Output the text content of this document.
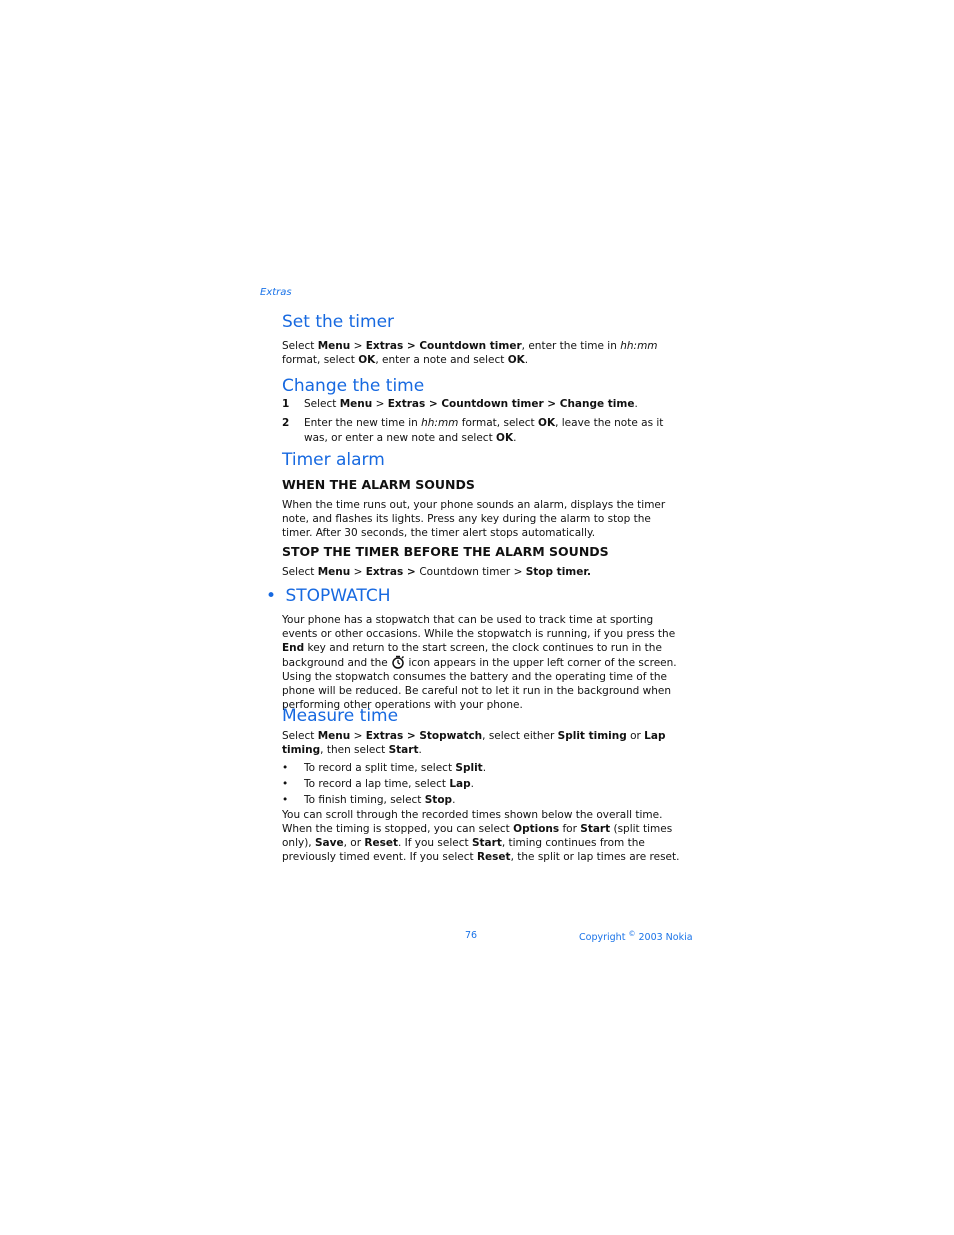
Extras
Set the timer

Select Menu > Extras > Countdown timer, enter the time in hh:mm format, select OK, enter a note and select OK.

Change the time
1 Select Menu > Extras > Countdown timer > Change time.
2 Enter the new time in hh:mm format, select OK, leave the note as it was, or enter a new note and select OK.
Timer alarm
WHEN THE ALARM SOUNDS

When the time runs out, your phone sounds an alarm, displays the timer note, and flashes its lights. Press any key during the alarm to stop the timer. After 30 seconds, the timer alert stops automatically.

STOP THE TIMER BEFORE THE ALARM SOUNDS

Select Menu > Extras > Countdown timer > Stop timer.

• STOPWATCH

Your phone has a stopwatch that can be used to track time at sporting events or other occasions. While the stopwatch is running, if you press the End key and return to the start screen, the clock continues to run in the background and the  icon appears in the upper left corner of the screen. Using the stopwatch consumes the battery and the operating time of the phone will be reduced. Be careful not to let it run in the background when performing other operations with your phone.

Measure time

Select Menu > Extras > Stopwatch, select either Split timing or Lap timing, then select Start.

• To record a split time, select Split.
• To record a lap time, select Lap.
• To finish timing, select Stop.

You can scroll through the recorded times shown below the overall time. When the timing is stopped, you can select Options for Start (split times only), Save, or Reset. If you select Start, timing continues from the previously timed event. If you select Reset, the split or lap times are reset.

76	Copyright © 2003 Nokia
